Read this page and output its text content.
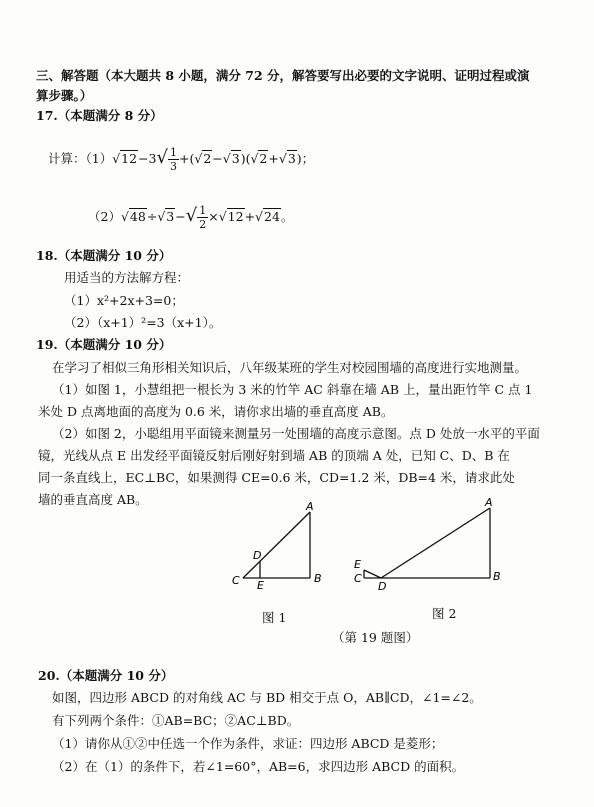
三、解答题（本大题共 8 小题，满分 72 分，解答要写出必要的文字说明、证明过程或演
算步骤。）
17.（本题满分 8 分）
计算：$(1)√12-3√ \frac{1}{3} +(√2-√3)(√2+√3)$；
$(2)√48\div√3-√ \frac{1}{2} \times√12+√24$。
18.（本题满分 10 分）
用适当的方法解方程：
（1）x²+2x+3=0；
（2）（x+1）²=3（x+1）。
19.（本题满分 10 分）
在学习了相似三角形相关知识后，八年级某班的学生对校园围墙的高度进行实地测量。
（1）如图 1，小慧组把一根长为 3 米的竹竿 AC 斜靠在墙 AB 上，量出距竹竿 C 点 1
米处 D 点离地面的高度为 0.6 米，请你求出墙的垂直高度 AB。
（2）如图 2，小聪组用平面镜来测量另一处围墙的高度示意图。点 D 处放一水平的平面
镜，光线从点 E 出发经平面镜反射后刚好射到墙 AB 的顶端 A 处，已知 C、D、B 在
同一条直线上，EC⊥BC，如果测得 CE=0.6 米，CD=1.2 米，DB=4 米，请求此处
墙的垂直高度 AB。	A
B
C
D
E
图 1
A
B
C
D
E
图 2
（第 19 题图）
20.（本题满分 10 分）
如图，四边形 ABCD 的对角线 AC 与 BD 相交于点 O，AB∥CD，∠1=∠2。
有下列两个条件：①AB=BC；②AC⊥BD。
（1）请你从①②中任选一个作为条件，求证：四边形 ABCD 是菱形；
（2）在（1）的条件下，若∠1=60°，AB=6，求四边形 ABCD 的面积。
